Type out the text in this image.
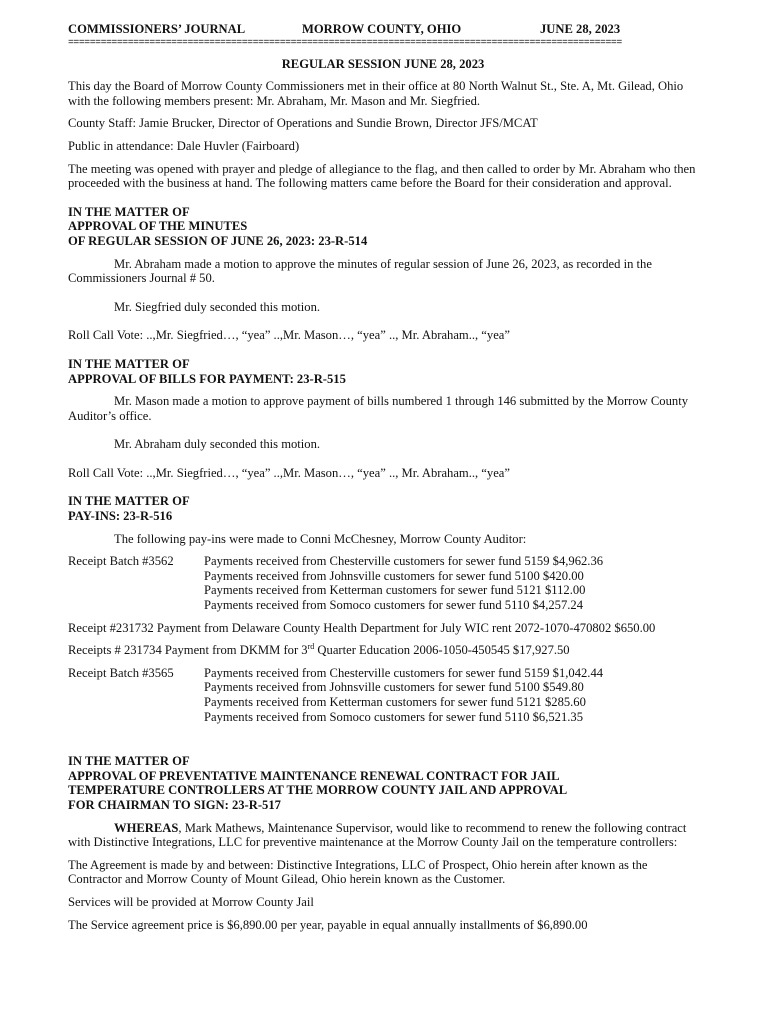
COMMISSIONERS’ JOURNAL	MORROW COUNTY, OHIO	JUNE 28, 2023
======================================================================================================
REGULAR SESSION JUNE 28, 2023

This day the Board of Morrow County Commissioners met in their office at 80 North Walnut St., Ste. A, Mt. Gilead, Ohio with the following members present: Mr. Abraham, Mr. Mason and Mr. Siegfried.

County Staff: Jamie Brucker, Director of Operations and Sundie Brown, Director JFS/MCAT

Public in attendance: Dale Huvler (Fairboard)

The meeting was opened with prayer and pledge of allegiance to the flag, and then called to order by Mr. Abraham who then proceeded with the business at hand. The following matters came before the Board for their consideration and approval.

IN THE MATTER OF
APPROVAL OF THE MINUTES
OF REGULAR SESSION OF JUNE 26, 2023: 23-R-514

Mr. Abraham made a motion to approve the minutes of regular session of June 26, 2023, as recorded in the Commissioners Journal # 50.

Mr. Siegfried duly seconded this motion.

Roll Call Vote: ..,Mr. Siegfried…, “yea” ..,Mr. Mason…, “yea” .., Mr. Abraham.., “yea”

IN THE MATTER OF
APPROVAL OF BILLS FOR PAYMENT: 23-R-515

Mr. Mason made a motion to approve payment of bills numbered 1 through 146 submitted by the Morrow County Auditor’s office.

Mr. Abraham duly seconded this motion.

Roll Call Vote: ..,Mr. Siegfried…, “yea” ..,Mr. Mason…, “yea” .., Mr. Abraham.., “yea”

IN THE MATTER OF
PAY-INS: 23-R-516

The following pay-ins were made to Conni McChesney, Morrow County Auditor:

Receipt Batch #3562	Payments received from Chesterville customers for sewer fund 5159 $4,962.36
Payments received from Johnsville customers for sewer fund 5100 $420.00
Payments received from Ketterman customers for sewer fund 5121 $112.00
Payments received from Somoco customers for sewer fund 5110 $4,257.24

Receipt #231732 Payment from Delaware County Health Department for July WIC rent 2072-1070-470802 $650.00

Receipts # 231734 Payment from DKMM for 3rd Quarter Education 2006-1050-450545 $17,927.50

Receipt Batch #3565	Payments received from Chesterville customers for sewer fund 5159 $1,042.44
Payments received from Johnsville customers for sewer fund 5100 $549.80
Payments received from Ketterman customers for sewer fund 5121 $285.60
Payments received from Somoco customers for sewer fund 5110 $6,521.35
IN THE MATTER OF
APPROVAL OF PREVENTATIVE MAINTENANCE RENEWAL CONTRACT FOR JAIL
TEMPERATURE CONTROLLERS AT THE MORROW COUNTY JAIL AND APPROVAL
FOR CHAIRMAN TO SIGN: 23-R-517

WHEREAS, Mark Mathews, Maintenance Supervisor, would like to recommend to renew the following contract with Distinctive Integrations, LLC for preventive maintenance at the Morrow County Jail on the temperature controllers:

The Agreement is made by and between: Distinctive Integrations, LLC of Prospect, Ohio herein after known as the Contractor and Morrow County of Mount Gilead, Ohio herein known as the Customer.

Services will be provided at Morrow County Jail

The Service agreement price is $6,890.00 per year, payable in equal annually installments of $6,890.00
